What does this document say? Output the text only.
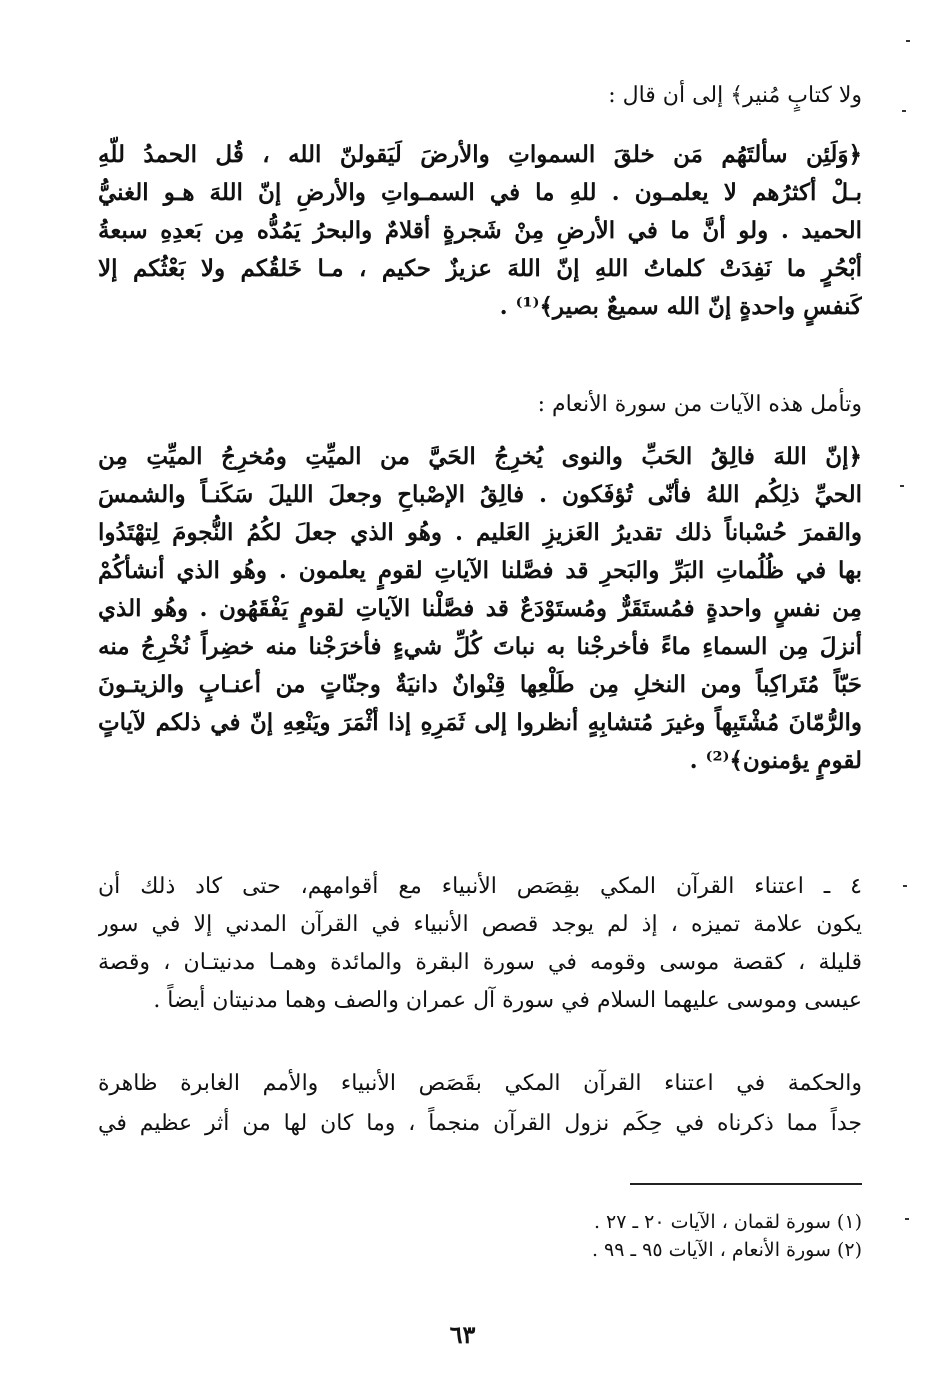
ولا كتابٍ مُنير﴾ إلى أن قال :
﴿وَلَئِن سألتَهُم مَن خلقَ السمواتِ والأرضَ لَيَقولنّ الله ، قُل الحمدُ للّهِ
بـلْ أكثرُهم لا يعلمـون . للهِ ما في السمـواتِ والأرضِ إنّ اللهَ هـو الغنيُّ
الحميد . ولو أنَّ ما في الأرضِ مِنْ شَجرةٍ أقلامٌ والبحرُ يَمُدُّه مِن بَعدِهِ سبعةُ
أبْحُرٍ ما نَفِدَتْ كلماتُ اللهِ إنّ اللهَ عزيزٌ حكيم ، مـا خَلقُكم ولا بَعْثُكم إلا
كَنفسٍ واحدةٍ إنّ الله سميعٌ بصير﴾⁽¹⁾ .
وتأمل هذه الآيات من سورة الأنعام :
﴿إنّ اللهَ فالِقُ الحَبِّ والنوى يُخرِجُ الحَيَّ من الميِّتِ ومُخرِجُ الميِّتِ مِن
الحيِّ ذلِكُم اللهُ فأنّى تُؤفَكون . فالِقُ الإصْباحِ وجعلَ الليلَ سَكَنـاً والشمسَ
والقمرَ حُسْباناً ذلك تقديرُ العَزيزِ العَليم . وهُو الذي جعلَ لكُمُ النُّجومَ لِتهْتَدُوا
بها في ظُلُماتِ البَرِّ والبَحرِ قد فصَّلنا الآياتِ لقومٍ يعلمون . وهُو الذي أنشأكُمْ
مِن نفسٍ واحدةٍ فمُستَقَرٌّ ومُستَوْدَعٌ قد فصَّلْنا الآياتِ لقومٍ يَفْقَهُون . وهُو الذي
أنزلَ مِن السماءِ ماءً فأخرجْنا به نباتَ كُلِّ شيءٍ فأخرَجْنا منه خضِراً نُخْرِجُ منه
حَبّاً مُتَراكِباً ومن النخلِ مِن طَلْعِها قِنْوانٌ دانيَةٌ وجنّاتٍ من أعنـابٍ والزيتـونَ
والرُّمّانَ مُشْتَبِهاً وغيرَ مُتشابِهٍ أنظروا إلى ثَمَرِهِ إذا أثْمَرَ ويَنْعِهِ إنّ في ذلكم لآياتٍ
لقومٍ يؤمنون﴾⁽²⁾ .
٤ ـ اعتناء القرآن المكي بقِصَص الأنبياء مع أقوامهم، حتى كاد ذلك أن
يكون علامة تميزه ، إذ لم يوجد قصص الأنبياء في القرآن المدني إلا في سور
قليلة ، كقصة موسى وقومه في سورة البقرة والمائدة وهمـا مدنيتـان ، وقصة
عيسى وموسى عليهما السلام في سورة آل عمران والصف وهما مدنيتان أيضاً .
والحكمة في اعتناء القرآن المكي بقَصَص الأنبياء والأمم الغابرة ظاهرة
جداً مما ذكرناه في حِكَم نزول القرآن منجماً ، وما كان لها من أثر عظيم في
(١) سورة لقمان ، الآيات ٢٠ ـ ٢٧ .
(٢) سورة الأنعام ، الآيات ٩٥ ـ ٩٩ .
٦٣
